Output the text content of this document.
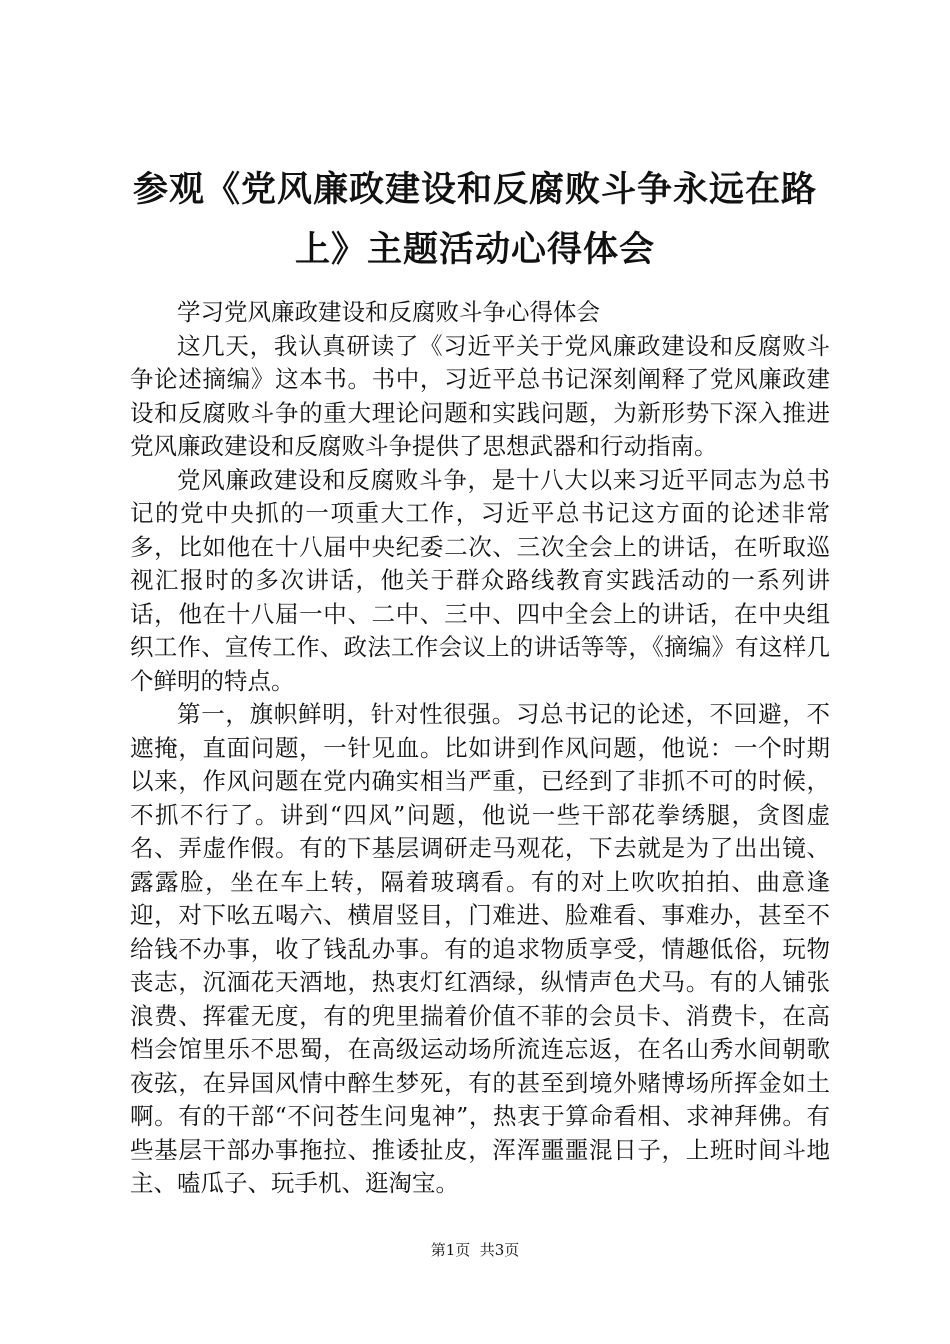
参观《党风廉政建设和反腐败斗争永远在路
上》主题活动心得体会

学习党风廉政建设和反腐败斗争心得体会

这几天，我认真研读了《习近平关于党风廉政建设和反腐败斗争论述摘编》这本书。书中，习近平总书记深刻阐释了党风廉政建设和反腐败斗争的重大理论问题和实践问题，为新形势下深入推进党风廉政建设和反腐败斗争提供了思想武器和行动指南。

党风廉政建设和反腐败斗争，是十八大以来习近平同志为总书记的党中央抓的一项重大工作，习近平总书记这方面的论述非常多，比如他在十八届中央纪委二次、三次全会上的讲话，在听取巡视汇报时的多次讲话，他关于群众路线教育实践活动的一系列讲话，他在十八届一中、二中、三中、四中全会上的讲话，在中央组织工作、宣传工作、政法工作会议上的讲话等等，《摘编》有这样几个鲜明的特点。

第一，旗帜鲜明，针对性很强。习总书记的论述，不回避，不遮掩，直面问题，一针见血。比如讲到作风问题，他说：一个时期以来，作风问题在党内确实相当严重，已经到了非抓不可的时候，不抓不行了。讲到“四风”问题，他说一些干部花拳绣腿，贪图虚名、弄虚作假。有的下基层调研走马观花，下去就是为了出出镜、露露脸，坐在车上转，隔着玻璃看。有的对上吹吹拍拍、曲意逢迎，对下吆五喝六、横眉竖目，门难进、脸难看、事难办，甚至不给钱不办事，收了钱乱办事。有的追求物质享受，情趣低俗，玩物丧志，沉湎花天酒地，热衷灯红酒绿，纵情声色犬马。有的人铺张浪费、挥霍无度，有的兜里揣着价值不菲的会员卡、消费卡，在高档会馆里乐不思蜀，在高级运动场所流连忘返，在名山秀水间朝歌夜弦，在异国风情中醉生梦死，有的甚至到境外赌博场所挥金如土啊。有的干部“不问苍生问鬼神”，热衷于算命看相、求神拜佛。有些基层干部办事拖拉、推诿扯皮，浑浑噩噩混日子，上班时间斗地主、嗑瓜子、玩手机、逛淘宝。

第1页  共3页
